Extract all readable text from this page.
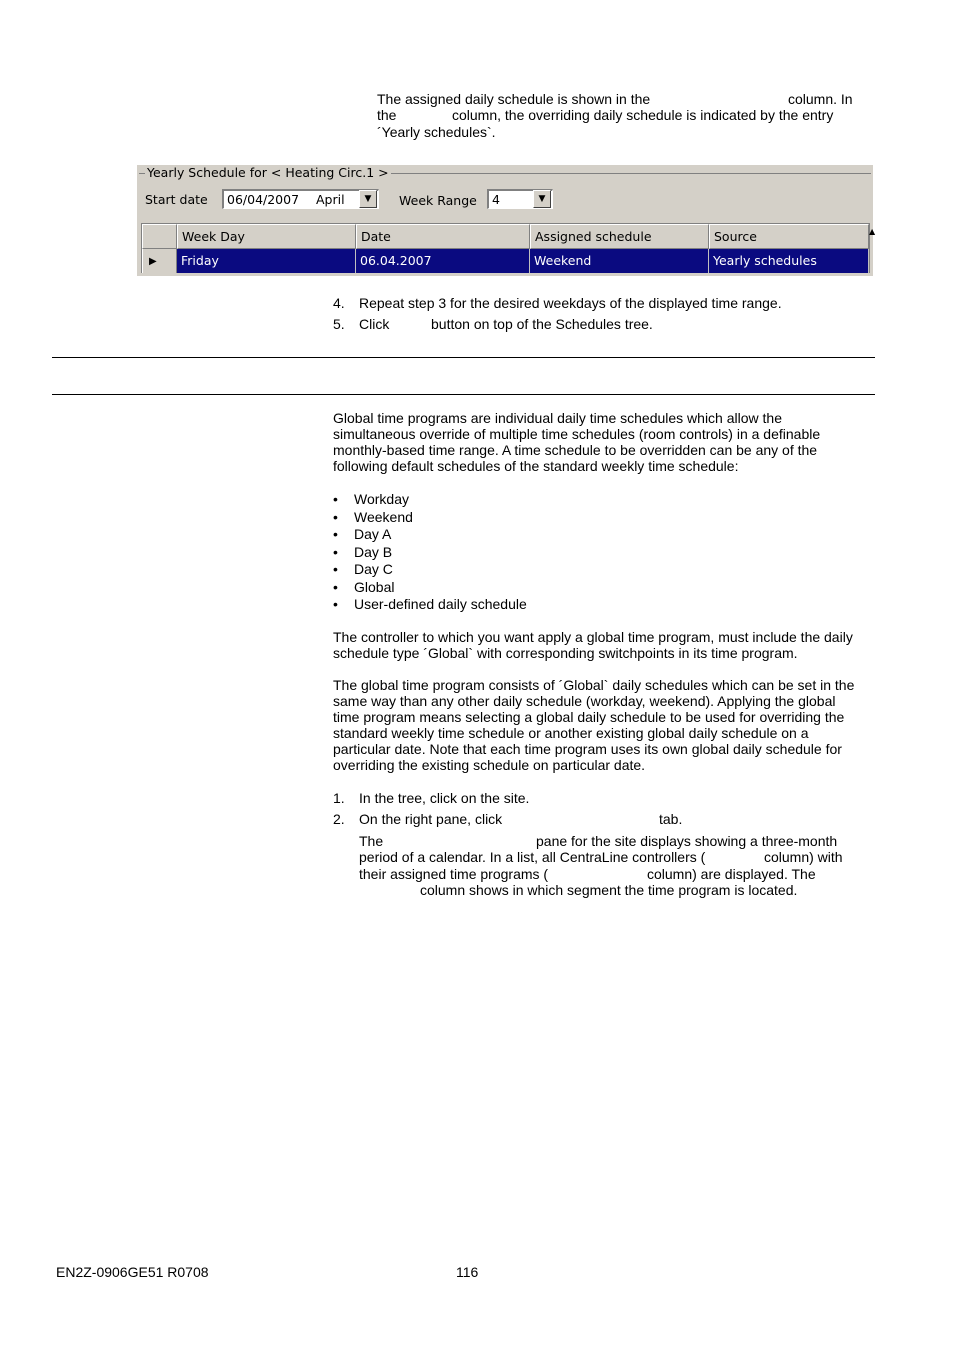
The assigned daily schedule is shown in the	column. In
the	column, the overriding daily schedule is indicated by the entry
´Yearly schedules`.
Yearly Schedule for < Heating Circ.1 >
Start date	06/04/2007 April ▼ Week Range	4	▼
Week Day	Date	Assigned schedule	Source	▲
▶	Friday	06.04.2007	Weekend	Yearly schedules
4. Repeat step 3 for the desired weekdays of the displayed time range.
5. Click	button on top of the Schedules tree.
Global time programs are individual daily time schedules which allow the
simultaneous override of multiple time schedules (room controls) in a definable
monthly-based time range. A time schedule to be overridden can be any of the
following default schedules of the standard weekly time schedule:
• Workday
• Weekend
• Day A
• Day B
• Day C
• Global
• User-defined daily schedule
The controller to which you want apply a global time program, must include the daily
schedule type ´Global` with corresponding switchpoints in its time program.
The global time program consists of ´Global` daily schedules which can be set in the
same way than any other daily schedule (workday, weekend). Applying the global
time program means selecting a global daily schedule to be used for overriding the
standard weekly time schedule or another existing global daily schedule on a
particular date. Note that each time program uses its own global daily schedule for
overriding the existing schedule on particular date.
1. In the tree, click on the site.
2. On the right pane, click	tab.
The	pane for the site displays showing a three-month
period of a calendar. In a list, all CentraLine controllers (	column) with
their assigned time programs (	column) are displayed. The
column shows in which segment the time program is located.
EN2Z-0906GE51 R0708	116
